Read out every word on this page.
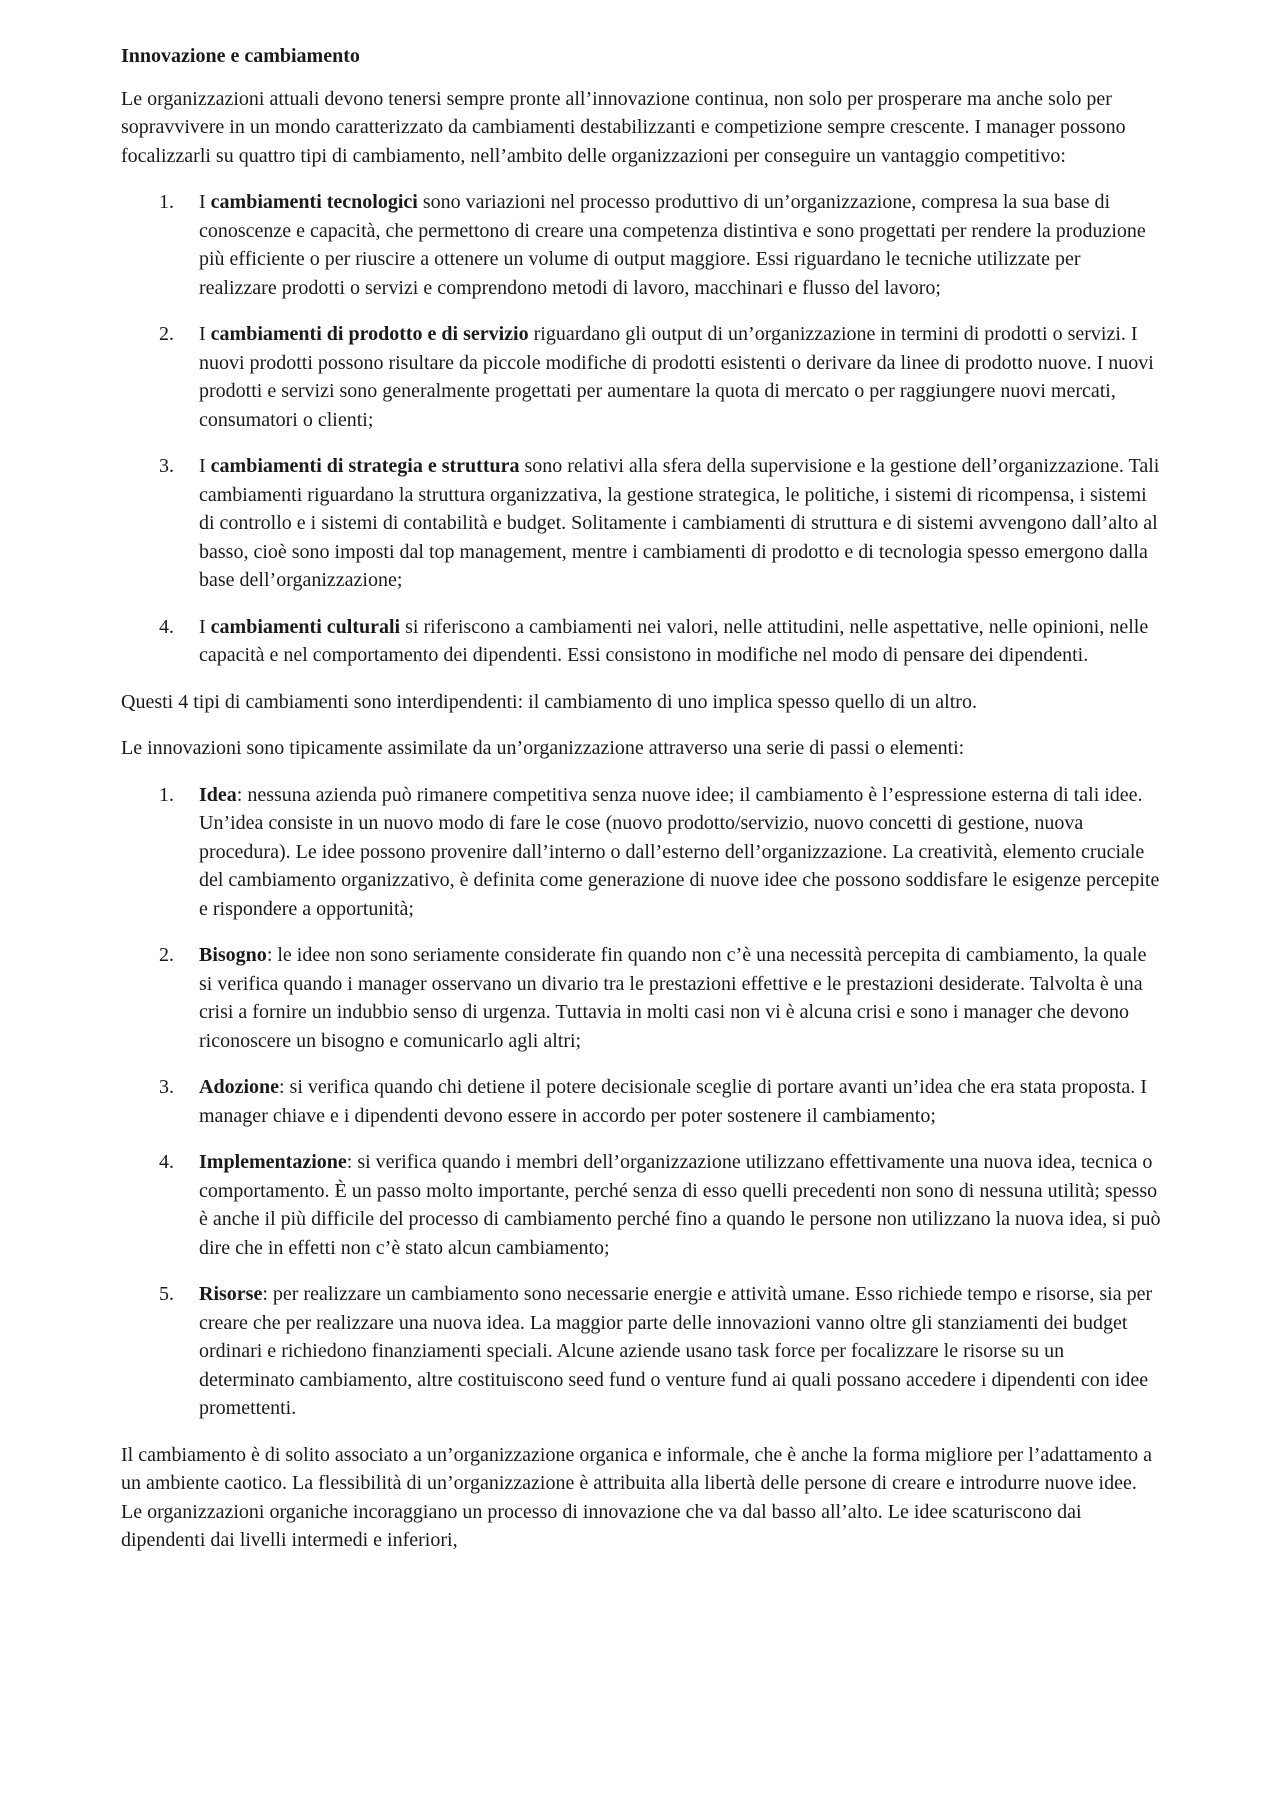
Innovazione e cambiamento

Le organizzazioni attuali devono tenersi sempre pronte all’innovazione continua, non solo per prosperare ma anche solo per sopravvivere in un mondo caratterizzato da cambiamenti destabilizzanti e competizione sempre crescente. I manager possono focalizzarli su quattro tipi di cambiamento, nell’ambito delle organizzazioni per conseguire un vantaggio competitivo:

1. I cambiamenti tecnologici sono variazioni nel processo produttivo di un’organizzazione, compresa la sua base di conoscenze e capacità, che permettono di creare una competenza distintiva e sono progettati per rendere la produzione più efficiente o per riuscire a ottenere un volume di output maggiore. Essi riguardano le tecniche utilizzate per realizzare prodotti o servizi e comprendono metodi di lavoro, macchinari e flusso del lavoro;
2. I cambiamenti di prodotto e di servizio riguardano gli output di un’organizzazione in termini di prodotti o servizi. I nuovi prodotti possono risultare da piccole modifiche di prodotti esistenti o derivare da linee di prodotto nuove. I nuovi prodotti e servizi sono generalmente progettati per aumentare la quota di mercato o per raggiungere nuovi mercati, consumatori o clienti;
3. I cambiamenti di strategia e struttura sono relativi alla sfera della supervisione e la gestione dell’organizzazione. Tali cambiamenti riguardano la struttura organizzativa, la gestione strategica, le politiche, i sistemi di ricompensa, i sistemi di controllo e i sistemi di contabilità e budget. Solitamente i cambiamenti di struttura e di sistemi avvengono dall’alto al basso, cioè sono imposti dal top management, mentre i cambiamenti di prodotto e di tecnologia spesso emergono dalla base dell’organizzazione;
4. I cambiamenti culturali si riferiscono a cambiamenti nei valori, nelle attitudini, nelle aspettative, nelle opinioni, nelle capacità e nel comportamento dei dipendenti. Essi consistono in modifiche nel modo di pensare dei dipendenti.

Questi 4 tipi di cambiamenti sono interdipendenti: il cambiamento di uno implica spesso quello di un altro.

Le innovazioni sono tipicamente assimilate da un’organizzazione attraverso una serie di passi o elementi:

1. Idea: nessuna azienda può rimanere competitiva senza nuove idee; il cambiamento è l’espressione esterna di tali idee. Un’idea consiste in un nuovo modo di fare le cose (nuovo prodotto/servizio, nuovo concetti di gestione, nuova procedura). Le idee possono provenire dall’interno o dall’esterno dell’organizzazione. La creatività, elemento cruciale del cambiamento organizzativo, è definita come generazione di nuove idee che possono soddisfare le esigenze percepite e rispondere a opportunità;
2. Bisogno: le idee non sono seriamente considerate fin quando non c’è una necessità percepita di cambiamento, la quale si verifica quando i manager osservano un divario tra le prestazioni effettive e le prestazioni desiderate. Talvolta è una crisi a fornire un indubbio senso di urgenza. Tuttavia in molti casi non vi è alcuna crisi e sono i manager che devono riconoscere un bisogno e comunicarlo agli altri;
3. Adozione: si verifica quando chi detiene il potere decisionale sceglie di portare avanti un’idea che era stata proposta. I manager chiave e i dipendenti devono essere in accordo per poter sostenere il cambiamento;
4. Implementazione: si verifica quando i membri dell’organizzazione utilizzano effettivamente una nuova idea, tecnica o comportamento. È un passo molto importante, perché senza di esso quelli precedenti non sono di nessuna utilità; spesso è anche il più difficile del processo di cambiamento perché fino a quando le persone non utilizzano la nuova idea, si può dire che in effetti non c’è stato alcun cambiamento;
5. Risorse: per realizzare un cambiamento sono necessarie energie e attività umane. Esso richiede tempo e risorse, sia per creare che per realizzare una nuova idea. La maggior parte delle innovazioni vanno oltre gli stanziamenti dei budget ordinari e richiedono finanziamenti speciali. Alcune aziende usano task force per focalizzare le risorse su un determinato cambiamento, altre costituiscono seed fund o venture fund ai quali possano accedere i dipendenti con idee promettenti.

Il cambiamento è di solito associato a un’organizzazione organica e informale, che è anche la forma migliore per l’adattamento a un ambiente caotico. La flessibilità di un’organizzazione è attribuita alla libertà delle persone di creare e introdurre nuove idee. Le organizzazioni organiche incoraggiano un processo di innovazione che va dal basso all’alto. Le idee scaturiscono dai dipendenti dai livelli intermedi e inferiori,
